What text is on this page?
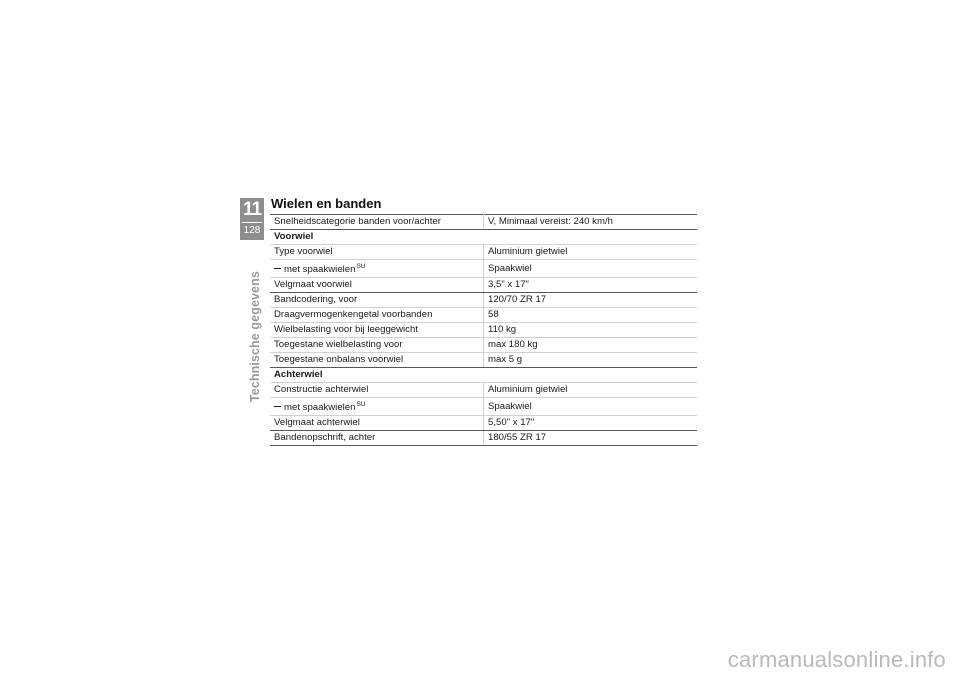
11
128
Technische gegevens
Wielen en banden
Snelheidscategorie banden voor/achter	V, Minimaal vereist: 240 km/h
Voorwiel	
Type voorwiel	Aluminium gietwiel
met spaakwielen$^{SU}$	Spaakwiel
Velgmaat voorwiel	3,5" x 17"
Bandcodering, voor	120/70 ZR 17
Draagvermogenkengetal voorbanden	58
Wielbelasting voor bij leeggewicht	110 kg
Toegestane wielbelasting voor	max 180 kg
Toegestane onbalans voorwiel	max 5 g
Achterwiel	
Constructie achterwiel	Aluminium gietwiel
met spaakwielen$^{SU}$	Spaakwiel
Velgmaat achterwiel	5,50" x 17"
Bandenopschrift, achter	180/55 ZR 17
carmanualsonline.info
